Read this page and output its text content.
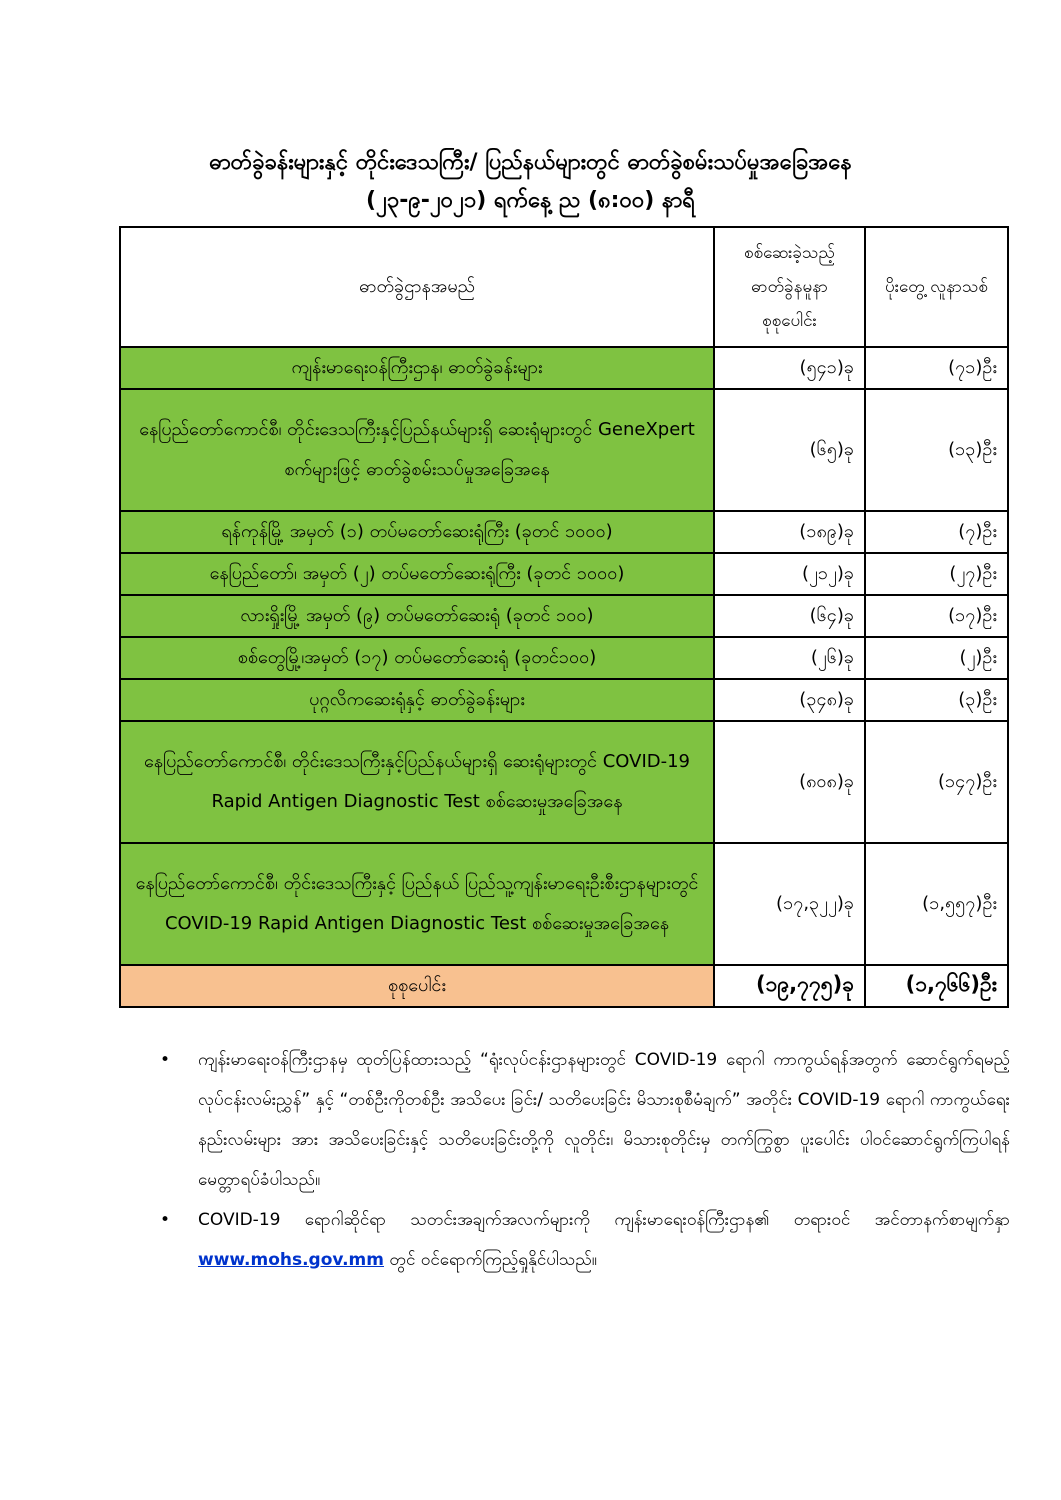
ဓာတ်ခွဲခန်းများနှင့် တိုင်းဒေသကြီး/ ပြည်နယ်များတွင် ဓာတ်ခွဲစမ်းသပ်မှုအခြေအနေ
(၂၃-၉-၂၀၂၁) ရက်နေ့ ည (၈:၀၀) နာရီ
ဓာတ်ခွဲဌာနအမည်	စစ်ဆေးခဲ့သည့် ဓာတ်ခွဲနမူနာ စုစုပေါင်း	ပိုးတွေ့ လူနာသစ်
ကျန်းမာရေးဝန်ကြီးဌာန၊ ဓာတ်ခွဲခန်းများ	(၅၄၁)ခု	(၇၁)ဦး
နေပြည်တော်ကောင်စီ၊ တိုင်းဒေသကြီးနှင့်ပြည်နယ်များရှိ ဆေးရုံများတွင် GeneXpert စက်များဖြင့် ဓာတ်ခွဲစမ်းသပ်မှုအခြေအနေ	(၆၅)ခု	(၁၃)ဦး
ရန်ကုန်မြို့ အမှတ် (၁) တပ်မတော်ဆေးရုံကြီး (ခုတင် ၁၀၀၀)	(၁၈၉)ခု	(၇)ဦး
နေပြည်တော်၊ အမှတ် (၂) တပ်မတော်ဆေးရုံကြီး (ခုတင် ၁၀၀၀)	(၂၁၂)ခု	(၂၇)ဦး
လားရှိုးမြို့ အမှတ် (၉) တပ်မတော်ဆေးရုံ (ခုတင် ၁၀၀)	(၆၄)ခု	(၁၇)ဦး
စစ်တွေမြို့၊အမှတ် (၁၇) တပ်မတော်ဆေးရုံ (ခုတင်၁၀၀)	(၂၆)ခု	(၂)ဦး
ပုဂ္ဂလိကဆေးရုံနှင့် ဓာတ်ခွဲခန်းများ	(၃၄၈)ခု	(၃)ဦး
နေပြည်တော်ကောင်စီ၊ တိုင်းဒေသကြီးနှင့်ပြည်နယ်များရှိ ဆေးရုံများတွင် COVID-19 Rapid Antigen Diagnostic Test စစ်ဆေးမှုအခြေအနေ	(၈၀၈)ခု	(၁၄၇)ဦး
နေပြည်တော်ကောင်စီ၊ တိုင်းဒေသကြီးနှင့် ပြည်နယ် ပြည်သူ့ကျန်းမာရေးဦးစီးဌာနများတွင် COVID-19 Rapid Antigen Diagnostic Test စစ်ဆေးမှုအခြေအနေ	(၁၇,၃၂၂)ခု	(၁,၅၅၇)ဦး
စုစုပေါင်း	(၁၉,၇၇၅)ခု	(၁,၇၆၆)ဦး
• ကျန်းမာရေးဝန်ကြီးဌာနမှ ထုတ်ပြန်ထားသည့် “ရုံးလုပ်ငန်းဌာနများတွင် COVID-19 ရောဂါ ကာကွယ်ရန်အတွက် ဆောင်ရွက်ရမည့် လုပ်ငန်းလမ်းညွှန်” နှင့် “တစ်ဦးကိုတစ်ဦး အသိပေး ခြင်း/ သတိပေးခြင်း မိသားစုစီမံချက်” အတိုင်း COVID-19 ရောဂါ ကာကွယ်ရေးနည်းလမ်းများ အား အသိပေးခြင်းနှင့် သတိပေးခြင်းတို့ကို လူတိုင်း၊ မိသားစုတိုင်းမှ တက်ကြွစွာ ပူးပေါင်း ပါဝင်ဆောင်ရွက်ကြပါရန် မေတ္တာရပ်ခံပါသည်။
• COVID-19 ရောဂါဆိုင်ရာ သတင်းအချက်အလက်များကို ကျန်းမာရေးဝန်ကြီးဌာန၏ တရားဝင် အင်တာနက်စာမျက်နှာ www.mohs.gov.mm တွင် ဝင်ရောက်ကြည့်ရှုနိုင်ပါသည်။
